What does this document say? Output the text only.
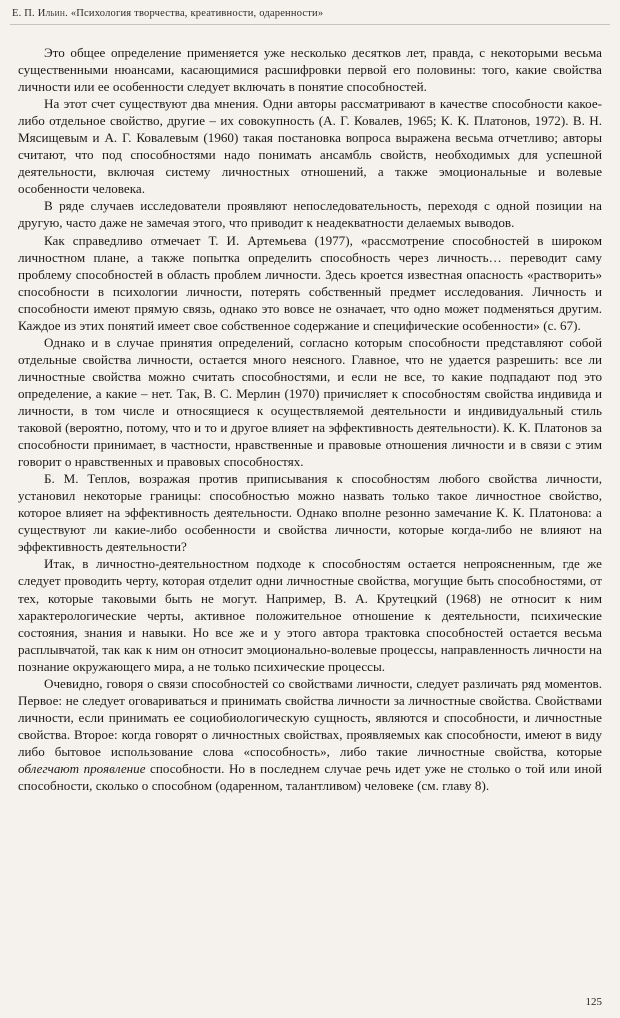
Е. П. Ильин. «Психология творчества, креативности, одаренности»

Это общее определение применяется уже несколько десятков лет, правда, с некоторыми весьма существенными нюансами, касающимися расшифровки первой его половины: того, какие свойства личности или ее особенности следует включать в понятие способностей.

На этот счет существуют два мнения. Одни авторы рассматривают в качестве способности какое-либо отдельное свойство, другие – их совокупность (А. Г. Ковалев, 1965; К. К. Платонов, 1972). В. Н. Мясищевым и А. Г. Ковалевым (1960) такая постановка вопроса выражена весьма отчетливо; авторы считают, что под способностями надо понимать ансамбль свойств, необходимых для успешной деятельности, включая систему личностных отношений, а также эмоциональные и волевые особенности человека.

В ряде случаев исследователи проявляют непоследовательность, переходя с одной позиции на другую, часто даже не замечая этого, что приводит к неадекватности делаемых выводов.

Как справедливо отмечает Т. И. Артемьева (1977), «рассмотрение способностей в широком личностном плане, а также попытка определить способность через личность… переводит саму проблему способностей в область проблем личности. Здесь кроется известная опасность «растворить» способности в психологии личности, потерять собственный предмет исследования. Личность и способности имеют прямую связь, однако это вовсе не означает, что одно может подменяться другим. Каждое из этих понятий имеет свое собственное содержание и специфические особенности» (с. 67).

Однако и в случае принятия определений, согласно которым способности представляют собой отдельные свойства личности, остается много неясного. Главное, что не удается разрешить: все ли личностные свойства можно считать способностями, и если не все, то какие подпадают под это определение, а какие – нет. Так, В. С. Мерлин (1970) причисляет к способностям свойства индивида и личности, в том числе и относящиеся к осуществляемой деятельности и индивидуальный стиль таковой (вероятно, потому, что и то и другое влияет на эффективность деятельности). К. К. Платонов за способности принимает, в частности, нравственные и правовые отношения личности и в связи с этим говорит о нравственных и правовых способностях.

Б. М. Теплов, возражая против приписывания к способностям любого свойства личности, установил некоторые границы: способностью можно назвать только такое личностное свойство, которое влияет на эффективность деятельности. Однако вполне резонно замечание К. К. Платонова: а существуют ли какие-либо особенности и свойства личности, которые когда-либо не влияют на эффективность деятельности?

Итак, в личностно-деятельностном подходе к способностям остается непроясненным, где же следует проводить черту, которая отделит одни личностные свойства, могущие быть способностями, от тех, которые таковыми быть не могут. Например, В. А. Крутецкий (1968) не относит к ним характерологические черты, активное положительное отношение к деятельности, психические состояния, знания и навыки. Но все же и у этого автора трактовка способностей остается весьма расплывчатой, так как к ним он относит эмоционально-волевые процессы, направленность личности на познание окружающего мира, а не только психические процессы.

Очевидно, говоря о связи способностей со свойствами личности, следует различать ряд моментов. Первое: не следует оговариваться и принимать свойства личности за личностные свойства. Свойствами личности, если принимать ее социобиологическую сущность, являются и способности, и личностные свойства. Второе: когда говорят о личностных свойствах, проявляемых как способности, имеют в виду либо бытовое использование слова «способность», либо такие личностные свойства, которые облегчают проявление способности. Но в последнем случае речь идет уже не столько о той или иной способности, сколько о способном (одаренном, талантливом) человеке (см. главу 8).

125
